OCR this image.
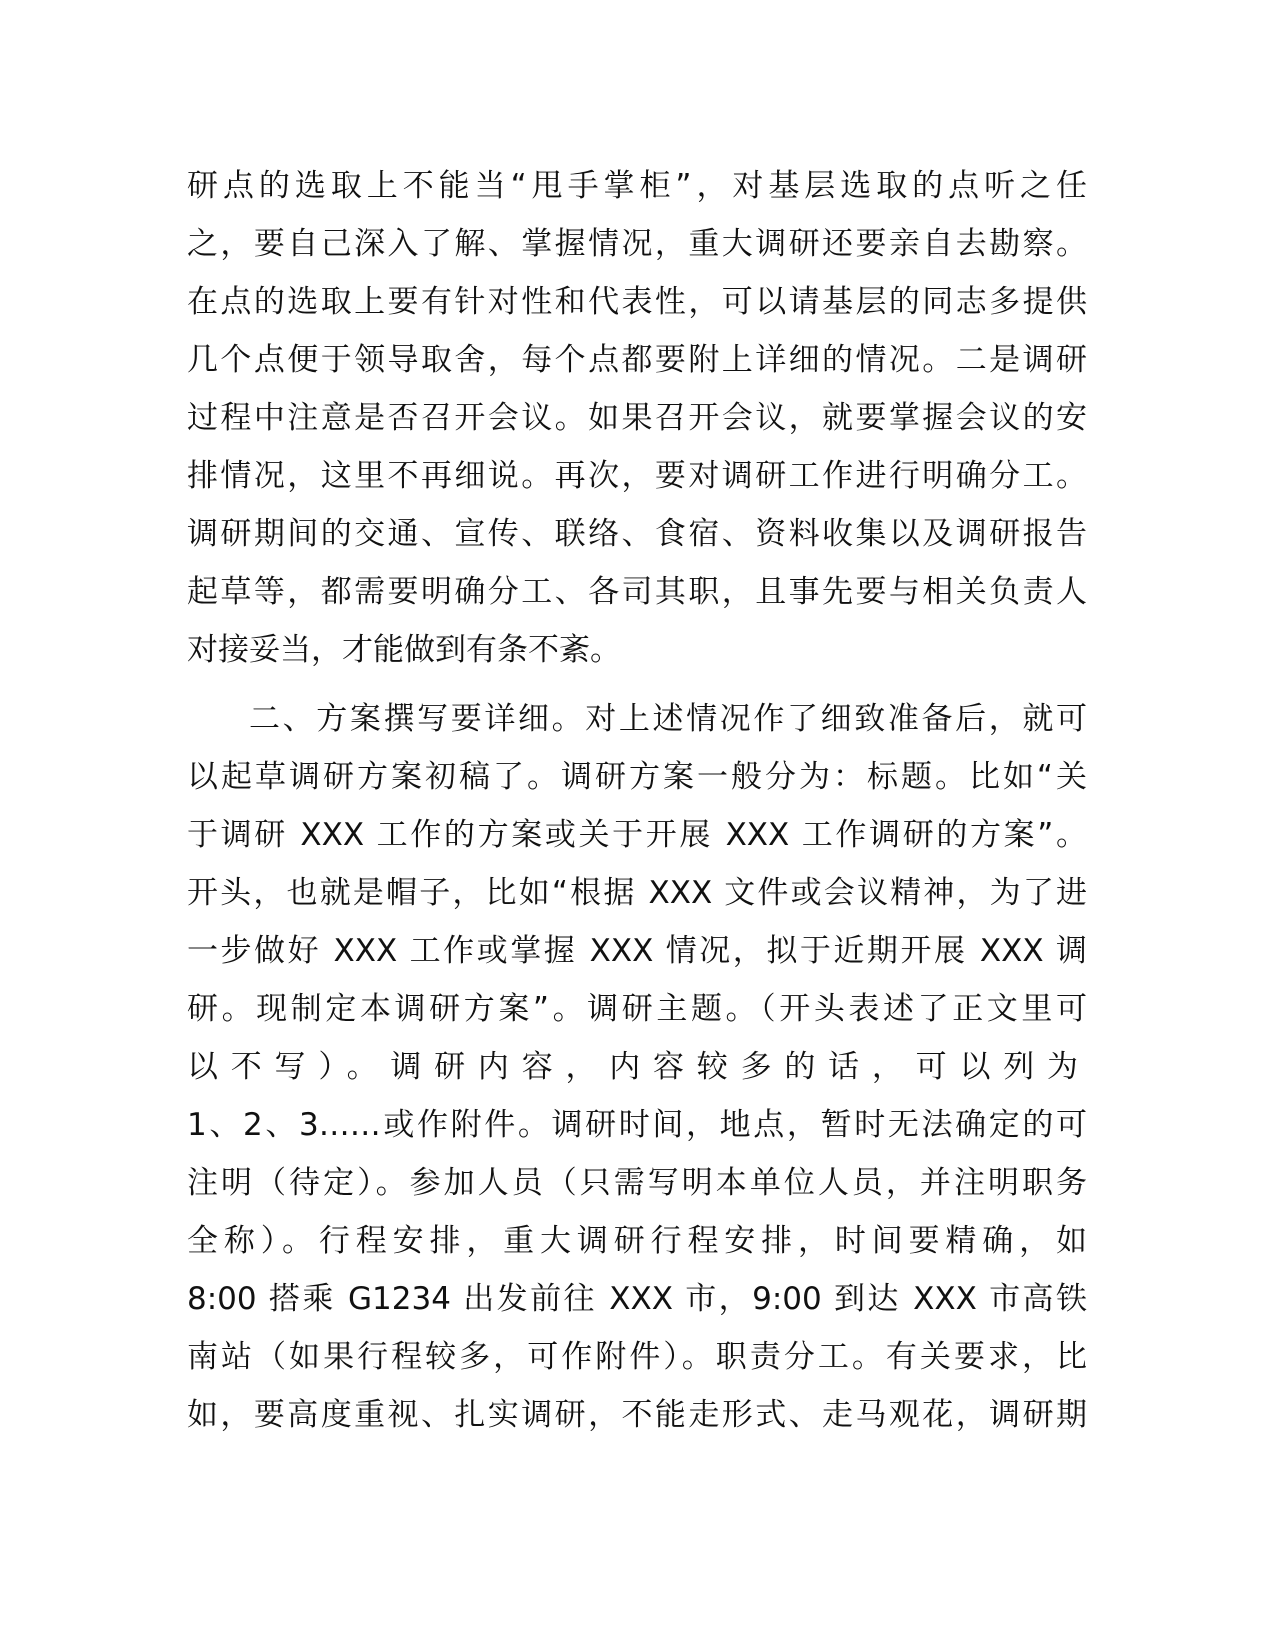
研点的选取上不能当“甩手掌柜”，对基层选取的点听之任
之，要自己深入了解、掌握情况，重大调研还要亲自去勘察。
在点的选取上要有针对性和代表性，可以请基层的同志多提供
几个点便于领导取舍，每个点都要附上详细的情况。二是调研
过程中注意是否召开会议。如果召开会议，就要掌握会议的安
排情况，这里不再细说。再次，要对调研工作进行明确分工。
调研期间的交通、宣传、联络、食宿、资料收集以及调研报告
起草等，都需要明确分工、各司其职，且事先要与相关负责人
对接妥当，才能做到有条不紊。
二、方案撰写要详细。对上述情况作了细致准备后，就可
以起草调研方案初稿了。调研方案一般分为：标题。比如“关
于调研 XXX 工作的方案或关于开展 XXX 工作调研的方案”。
开头，也就是帽子，比如“根据 XXX 文件或会议精神，为了进
一步做好 XXX 工作或掌握 XXX 情况，拟于近期开展 XXX 调
研。现制定本调研方案”。调研主题。（开头表述了正文里可
以不写）。调研内容，内容较多的话，可以列为
1、2、3……或作附件。调研时间，地点，暂时无法确定的可
注明（待定）。参加人员（只需写明本单位人员，并注明职务
全称）。行程安排，重大调研行程安排，时间要精确，如
8:00 搭乘 G1234 出发前往 XXX 市，9:00 到达 XXX 市高铁
南站（如果行程较多，可作附件）。职责分工。有关要求，比
如，要高度重视、扎实调研，不能走形式、走马观花，调研期
